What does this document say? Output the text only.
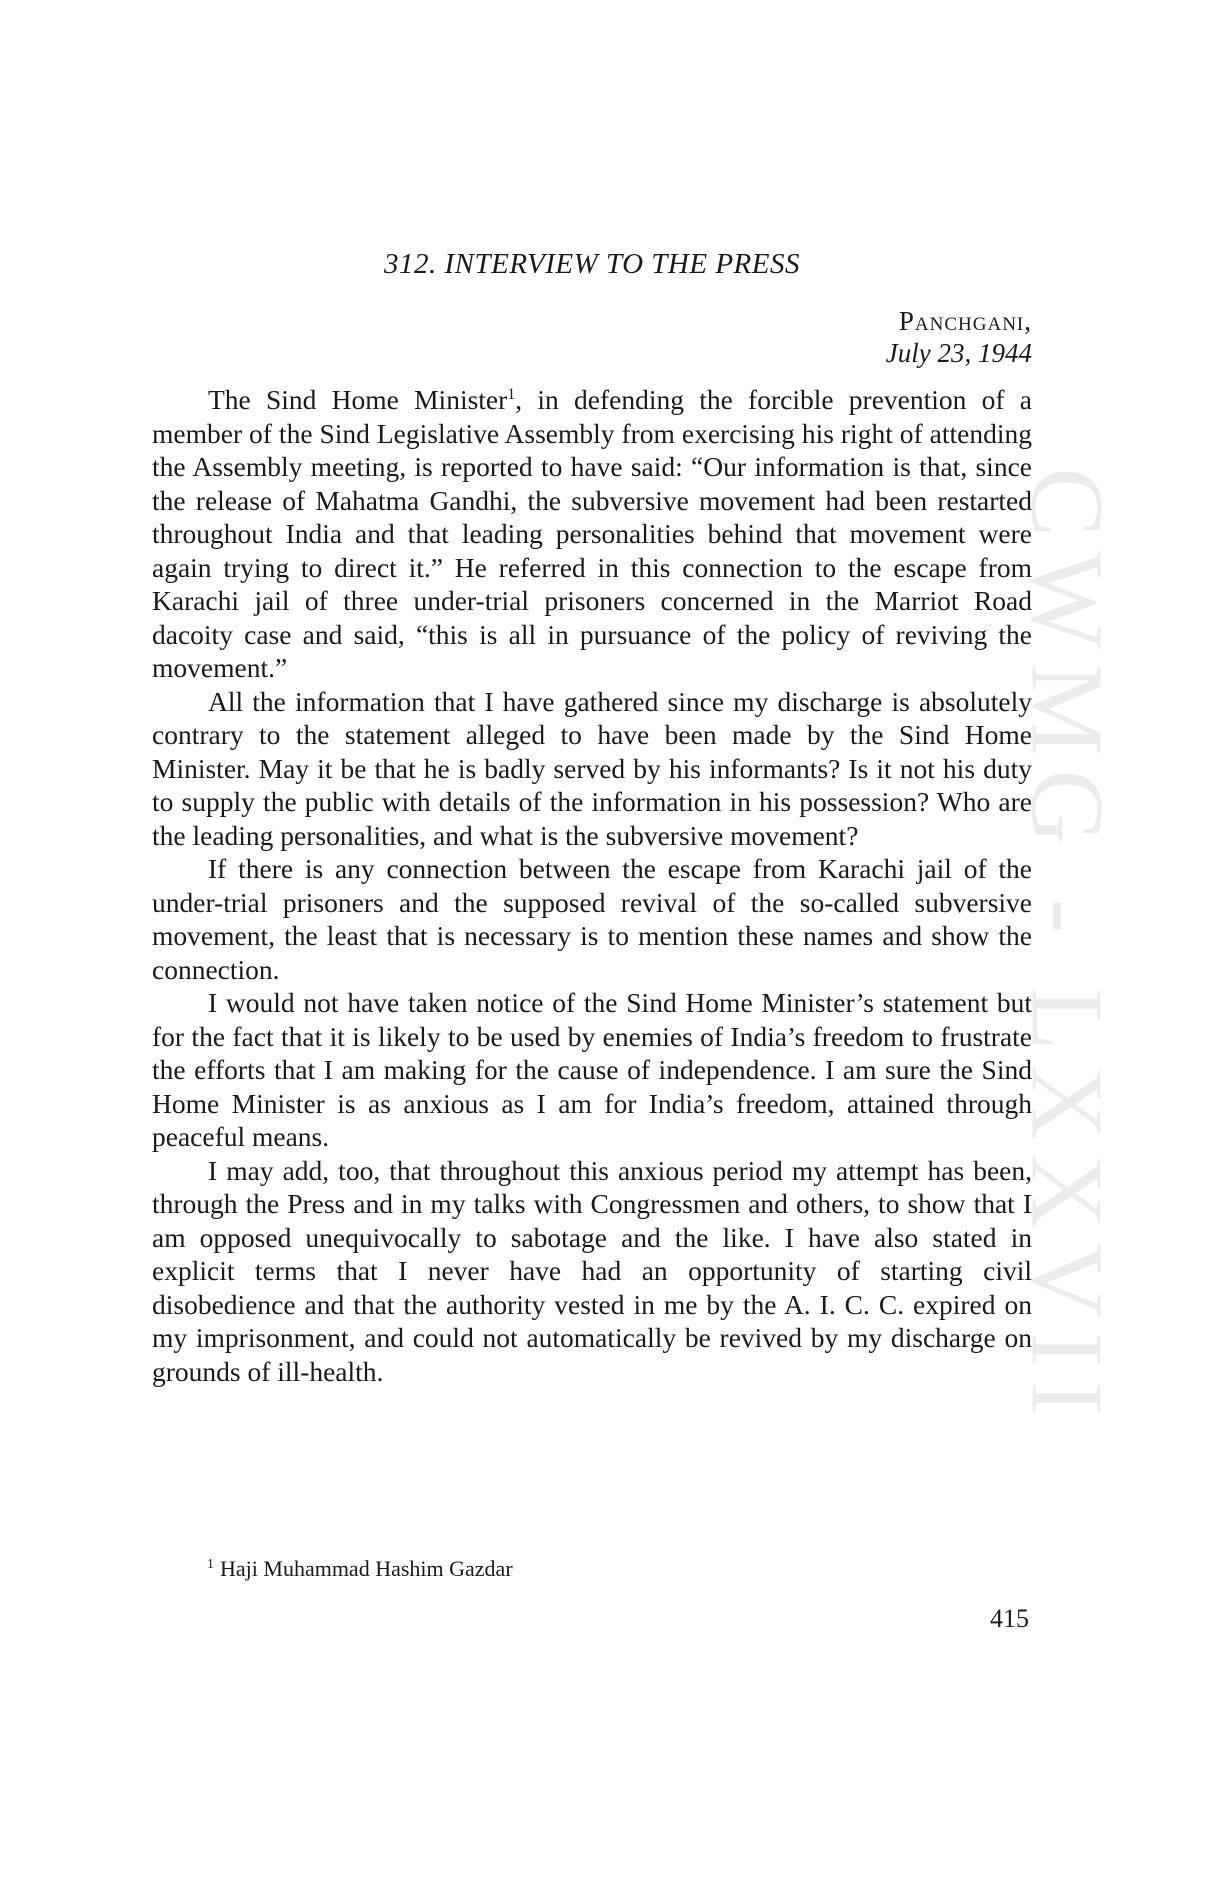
CWMG - LXXVII
312. INTERVIEW TO THE PRESS
Panchgani,
July 23, 1944

The Sind Home Minister$^1$, in defending the forcible prevention of a member of the Sind Legislative Assembly from exercising his right of attending the Assembly meeting, is reported to have said: “Our information is that, since the release of Mahatma Gandhi, the subversive movement had been restarted throughout India and that leading personalities behind that movement were again trying to direct it.” He referred in this connection to the escape from Karachi jail of three under-trial prisoners concerned in the Marriot Road dacoity case and said, “this is all in pursuance of the policy of reviving the movement.”

All the information that I have gathered since my discharge is absolutely contrary to the statement alleged to have been made by the Sind Home Minister. May it be that he is badly served by his informants? Is it not his duty to supply the public with details of the information in his possession? Who are the leading personalities, and what is the subversive movement?

If there is any connection between the escape from Karachi jail of the under-trial prisoners and the supposed revival of the so-called subversive movement, the least that is necessary is to mention these names and show the connection.

I would not have taken notice of the Sind Home Minister’s statement but for the fact that it is likely to be used by enemies of India’s freedom to frustrate the efforts that I am making for the cause of independence. I am sure the Sind Home Minister is as anxious as I am for India’s freedom, attained through peaceful means.

I may add, too, that throughout this anxious period my attempt has been, through the Press and in my talks with Congressmen and others, to show that I am opposed unequivocally to sabotage and the like. I have also stated in explicit terms that I never have had an opportunity of starting civil disobedience and that the authority vested in me by the A. I. C. C. expired on my imprisonment, and could not automatically be revived by my discharge on grounds of ill-health.

$^1$ Haji Muhammad Hashim Gazdar
415
